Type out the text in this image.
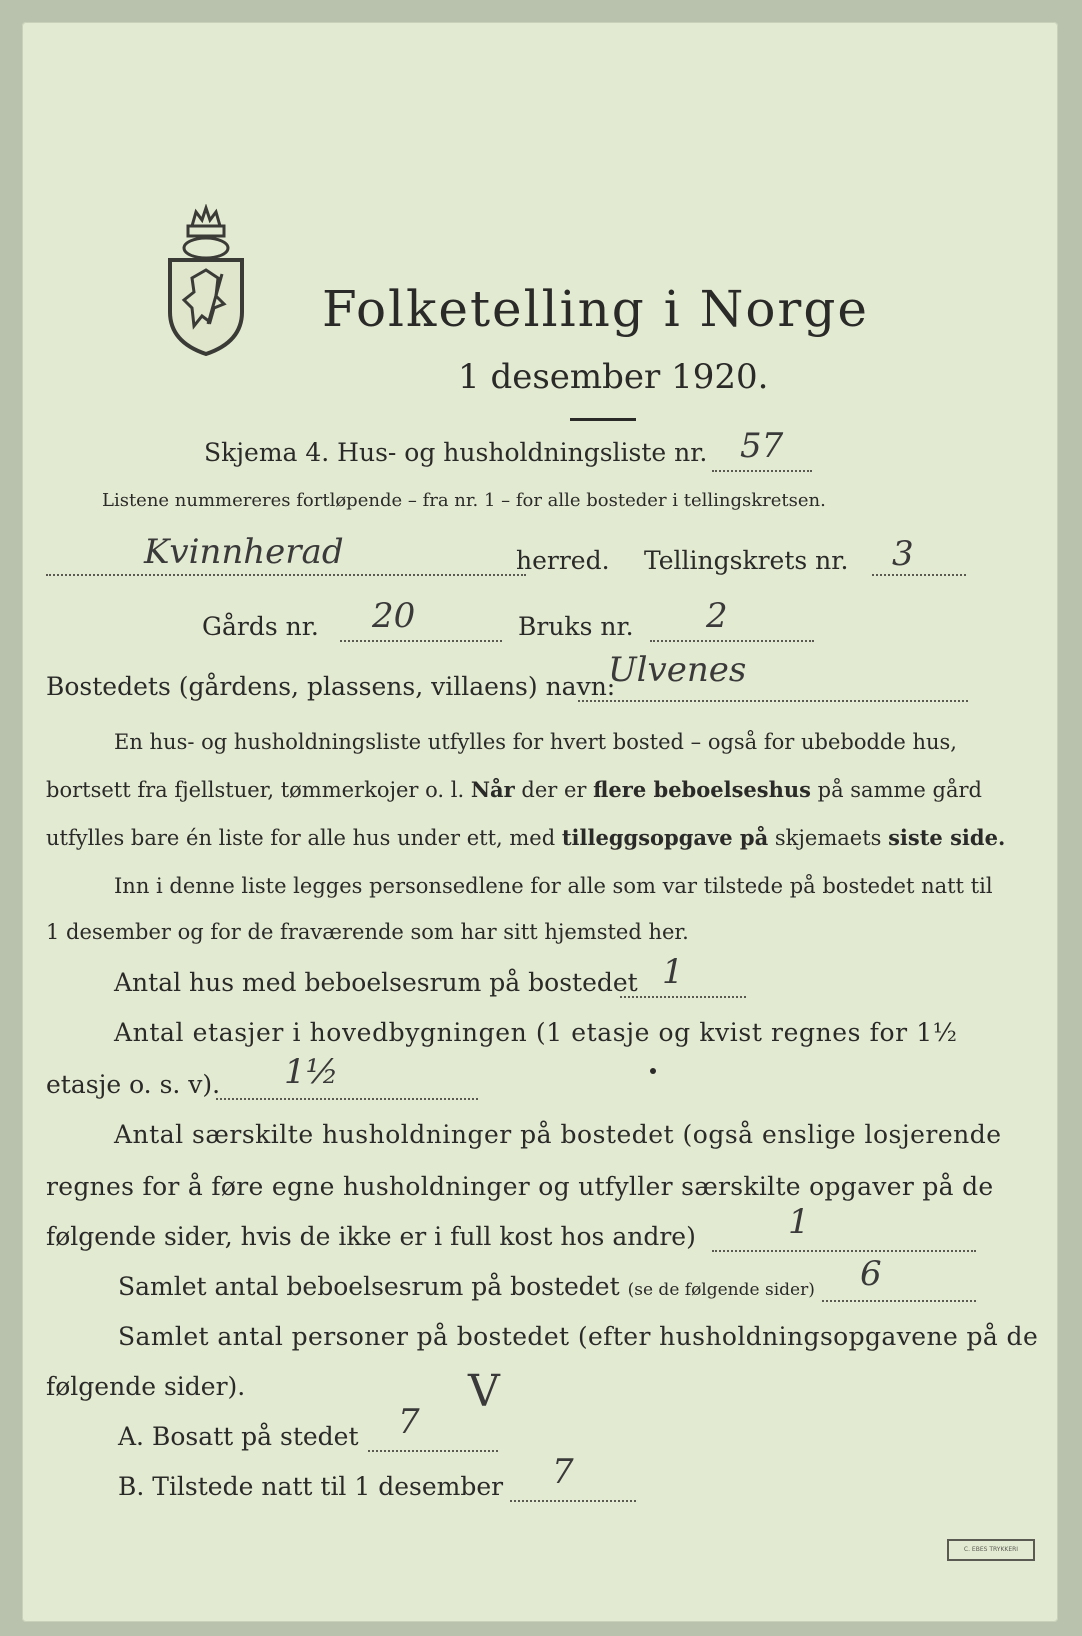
Folketelling i Norge
1 desember 1920.
Skjema 4. Hus- og husholdningsliste nr. 57
Listene nummereres fortløpende – fra nr. 1 – for alle bosteder i tellingskretsen.
Kvinnherad	herred. Tellingskrets nr. 3
Gårds nr. 20	Bruks nr. 2
Bostedets (gårdens, plassens, villaens) navn:
Ulvenes
En hus- og husholdningsliste utfylles for hvert bosted – også for ubebodde hus,
bortsett fra fjellstuer, tømmerkojer o. l. Når der er flere beboelseshus på samme gård
utfylles bare én liste for alle hus under ett, med tilleggsopgave på skjemaets siste side.
Inn i denne liste legges personsedlene for alle som var tilstede på bostedet natt til
1 desember og for de fraværende som har sitt hjemsted her.
Antal hus med beboelsesrum på bostedet 1
Antal etasjer i hovedbygningen (1 etasje og kvist regnes for 1½
etasje o. s. v). 1½
Antal særskilte husholdninger på bostedet (også enslige losjerende
regnes for å føre egne husholdninger og utfyller særskilte opgaver på de
følgende sider, hvis de ikke er i full kost hos andre)	1
Samlet antal beboelsesrum på bostedet (se de følgende sider) 6
Samlet antal personer på bostedet (efter husholdningsopgavene på de
følgende sider).	V
A. Bosatt på stedet 7
B. Tilstede natt til 1 desember 7
C. EBES TRYKKERI
